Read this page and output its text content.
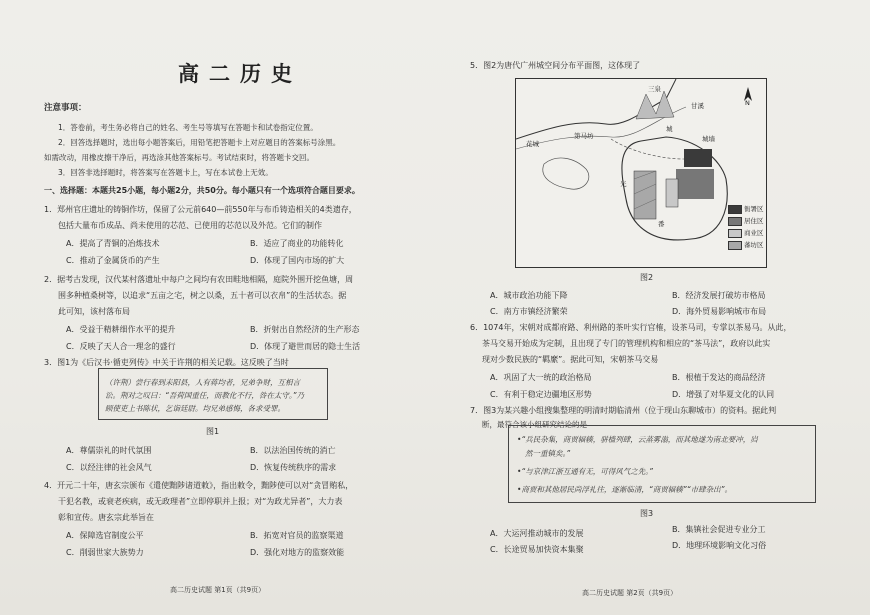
高二历史
注意事项：
1．答卷前，考生务必将自己的姓名、考生号等填写在答题卡和试卷指定位置。
2．回答选择题时，选出每小题答案后，用铅笔把答题卡上对应题目的答案标号涂黑。
如需改动，用橡皮擦干净后，再选涂其他答案标号。考试结束时，将答题卡交回。
3．回答非选择题时，将答案写在答题卡上，写在本试卷上无效。
一、选择题：本题共25小题，每小题2分，共50分。每小题只有一个选项符合题目要求。
1．郑州官庄遗址的铸铜作坊，保留了公元前640—前550年与布币铸造相关的4类遗存，
包括大量布币成品、尚未使用的芯范、已使用的芯范以及外范。它们的制作
A．提高了青铜的冶炼技术	B．适应了商业的功能转化
C．推动了金属货币的产生	D．体现了国内市场的扩大
2．据考古发现，汉代某村落遗址中每户之间均有农田畦地相隔，庭院外围开挖鱼塘，周
围多种植桑树等，以追求“五亩之宅，树之以桑，五十者可以衣帛”的生活状态。据
此可知，该村落布局
A．受益于精耕细作水平的提升	B．折射出自然经济的生产形态
C．反映了天人合一理念的盛行	D．体现了避世而居的隐士生活
3．图1为《后汉书·循吏列传》中关于许荆的相关记载。这反映了当时
（许荆）尝行春到耒阳县，人有蒋均者，兄弟争财，互相言
讼。荆对之叹曰：“吾荷国重任，而教化不行，咎在太守。”乃
顾使吏上书陈状，乞诣廷尉。均兄弟感悔，各求受罪。
图1
A．尊儒崇礼的时代氛围	B．以法治国传统的消亡
C．以经注律的社会风气	D．恢复传统秩序的需求
4．开元二十年，唐玄宗颁布《遣使黜陟诸道敕》，指出敕令，黜陟使可以对“贪冒贿私，
干犯名教，或衰老疾病，或无政理者”立即停职并上报；对“为政尤异者”，大力表
彰和宣传。唐玄宗此举旨在
A．保障选官制度公平	B．拓宽对官员的监察渠道
C．削弱世家大族势力	D．强化对地方的监察效能
高二历史试题 第1页（共9页）
5．图2为唐代广州城空间分布平面图，这体现了
N
花城
甘溪
三泉
第马坊
城
光
番
城墙
衙署区
居住区
商业区
蕃坊区
图2
A．城市政治功能下降	B．经济发展打破坊市格局
C．南方市镇经济繁荣	D．海外贸易影响城市布局
6．1074年，宋朝对成都府路、利州路的茶叶实行官榷，设茶马司，专掌以茶易马。从此，
茶马交易开始成为定制，且出现了专门的管理机构和相应的“茶马法”，政府以此实
现对少数民族的“羁縻”。据此可知，宋朝茶马交易
A．巩固了大一统的政治格局	B．根植于发达的商品经济
C．有利于稳定边疆地区形势	D．增强了对华夏文化的认同
7．图3为某兴趣小组搜集整理的明清时期临清州（位于现山东聊城市）的资料。据此判
断，最符合该小组研究结论的是
•“兵民杂集，商贾辐辏，骈樯列肆，云蒸雾滃，而其地遂为南北要冲，岿
然一重镇矣。”
•“与京津江浙互通有无，可得风气之先。”
•商贾和其他居民尚浮礼往，逐渐临清，“商贾辐辏”“市肆杂出”。
图3
A．大运河推动城市的发展	B．集镇社会促进专业分工
C．长途贸易加快资本集聚	D．地理环境影响文化习俗
高二历史试题 第2页（共9页）
